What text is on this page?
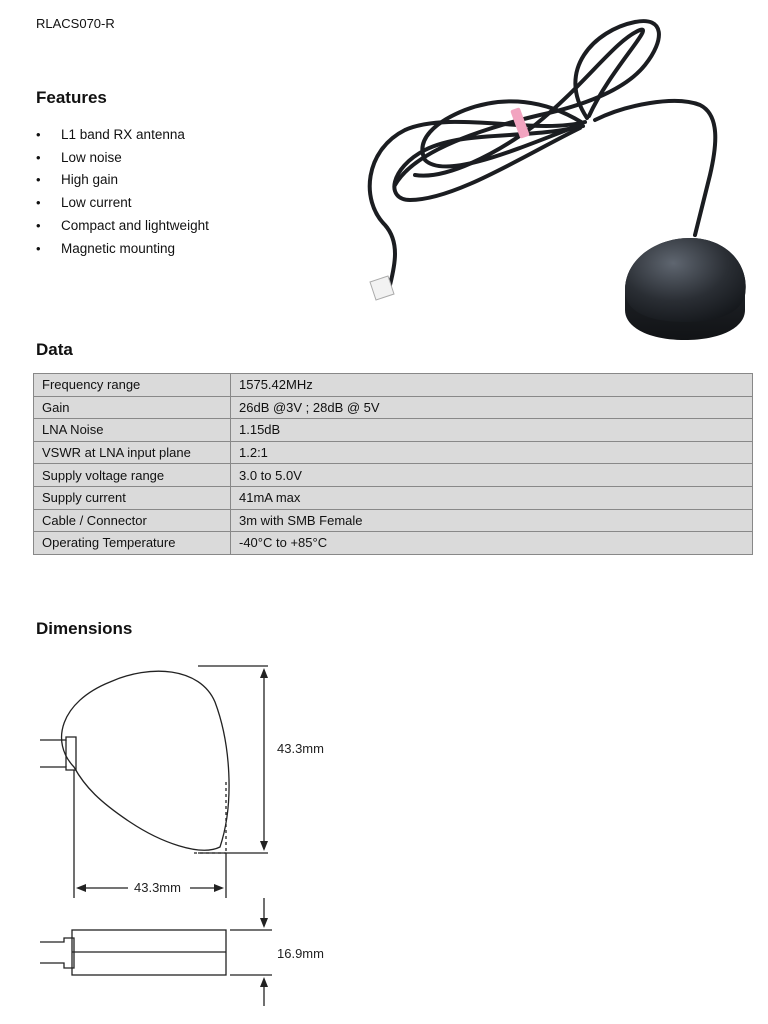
RLACS070-R
Features
• L1 band RX antenna
• Low noise
• High gain
• Low current
• Compact and lightweight
• Magnetic mounting
Data
Frequency range	1575.42MHz
Gain	26dB @3V ; 28dB @ 5V
LNA Noise	1.15dB
VSWR at LNA input plane	1.2:1
Supply voltage range	3.0 to 5.0V
Supply current	41mA max
Cable / Connector	3m with SMB Female
Operating Temperature	-40°C to +85°C
Dimensions
43.3mm
43.3mm
16.9mm
